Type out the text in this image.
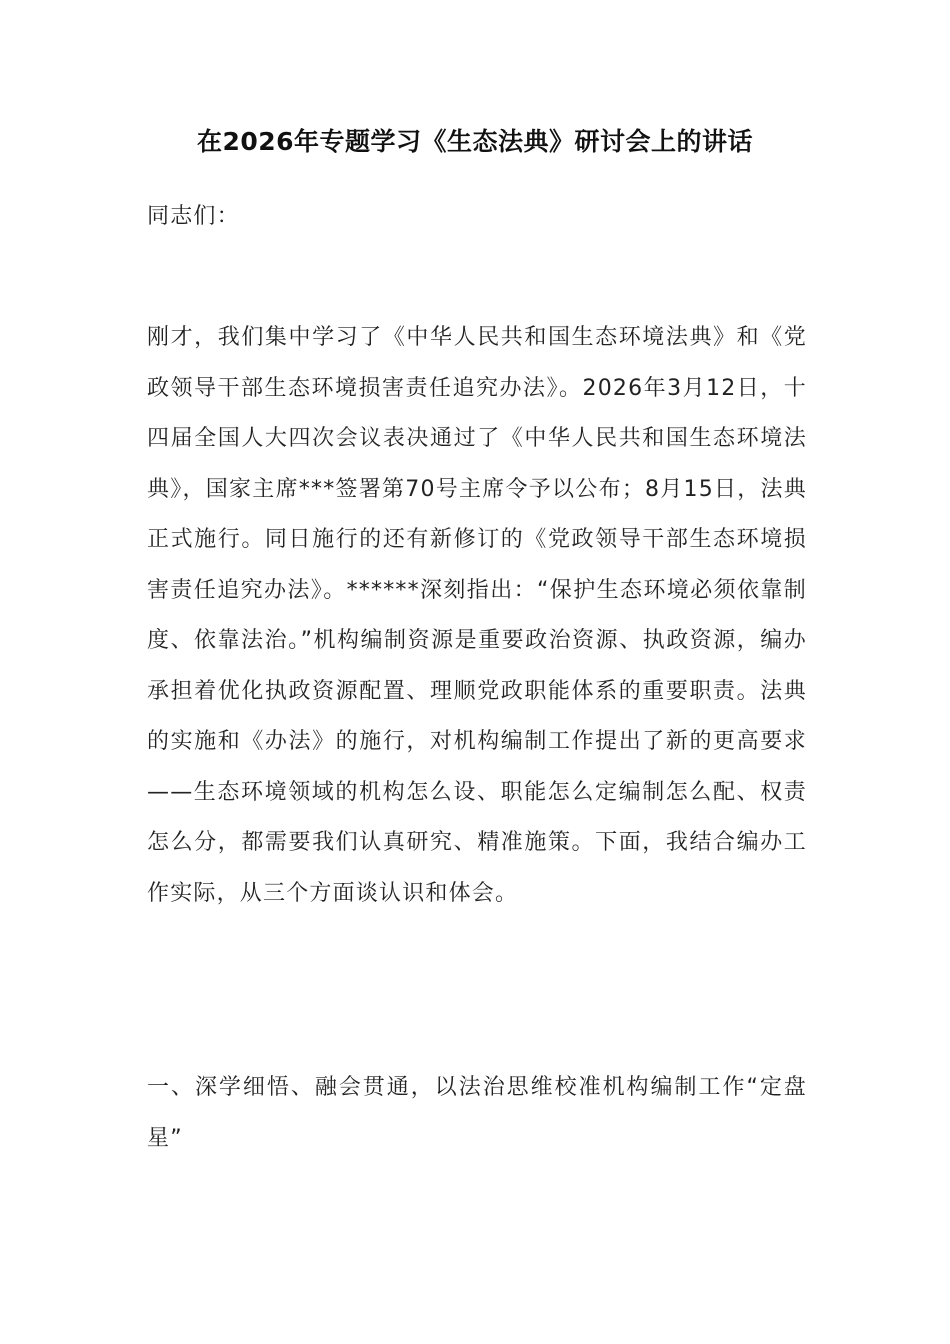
在2026年专题学习《生态法典》研讨会上的讲话
同志们：
刚才，我们集中学习了《中华人民共和国生态环境法典》和《党政领导干部生态环境损害责任追究办法》。2026年3月12日，十四届全国人大四次会议表决通过了《中华人民共和国生态环境法典》，国家主席***签署第70号主席令予以公布；8月15日，法典正式施行。同日施行的还有新修订的《党政领导干部生态环境损害责任追究办法》。******深刻指出：“保护生态环境必须依靠制度、依靠法治。”机构编制资源是重要政治资源、执政资源，编办承担着优化执政资源配置、理顺党政职能体系的重要职责。法典的实施和《办法》的施行，对机构编制工作提出了新的更高要求——生态环境领域的机构怎么设、职能怎么定编制怎么配、权责怎么分，都需要我们认真研究、精准施策。下面，我结合编办工作实际，从三个方面谈认识和体会。
一、深学细悟、融会贯通，以法治思维校准机构编制工作“定盘星”
